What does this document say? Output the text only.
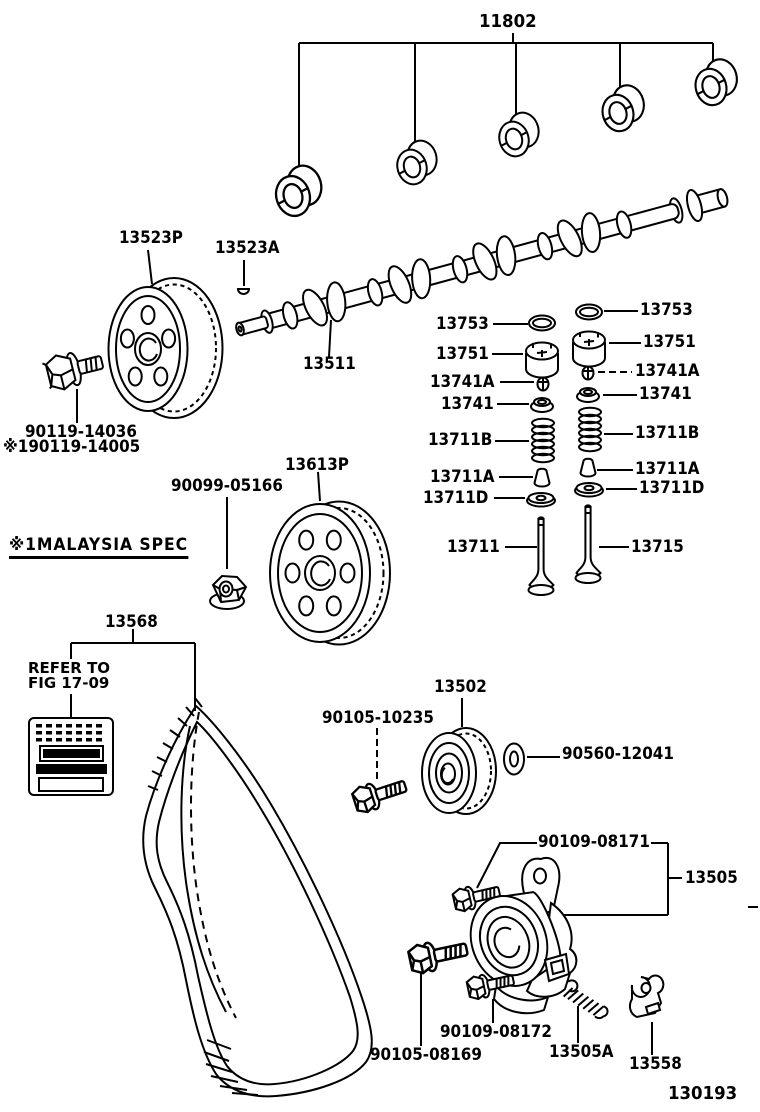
11802
13523P
13523A
13511
13753
13751
13741A
13741
13711B
13711A
13711D
13711
13753
13751
13741A
13741
13711B
13711A
13711D
13715
90119-14036
※190119-14005
90099-05166
13613P
13568
13502
90105-10235
90560-12041
90109-08171
13505
90109-08172
90105-08169	13505A
13558
※1MALAYSIA SPEC
REFER TO
FIG 17-09
130193
